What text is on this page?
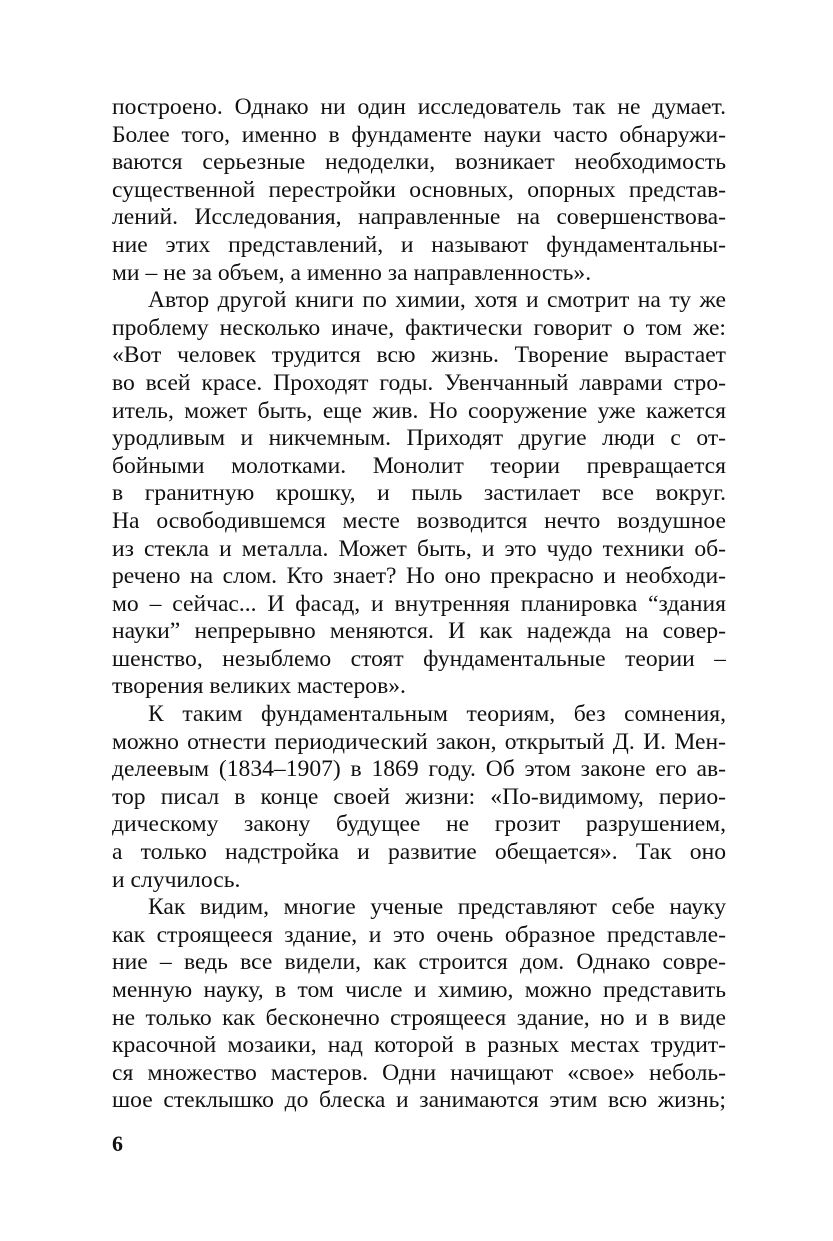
построено. Однако ни один исследователь так не думает.
Более того, именно в фундаменте науки часто обнаружи-
ваются серьезные недоделки, возникает необходимость
существенной перестройки основных, опорных представ-
лений. Исследования, направленные на совершенствова-
ние этих представлений, и называют фундаментальны-
ми – не за объем, а именно за направленность».
Автор другой книги по химии, хотя и смотрит на ту же
проблему несколько иначе, фактически говорит о том же:
«Вот человек трудится всю жизнь. Творение вырастает
во всей красе. Проходят годы. Увенчанный лаврами стро-
итель, может быть, еще жив. Но сооружение уже кажется
уродливым и никчемным. Приходят другие люди с от-
бойными молотками. Монолит теории превращается
в гранитную крошку, и пыль застилает все вокруг.
На освободившемся месте возводится нечто воздушное
из стекла и металла. Может быть, и это чудо техники об-
речено на слом. Кто знает? Но оно прекрасно и необходи-
мо – сейчас... И фасад, и внутренняя планировка “здания
науки” непрерывно меняются. И как надежда на совер-
шенство, незыблемо стоят фундаментальные теории –
творения великих мастеров».
К таким фундаментальным теориям, без сомнения,
можно отнести периодический закон, открытый Д. И. Мен-
делеевым (1834–1907) в 1869 году. Об этом законе его ав-
тор писал в конце своей жизни: «По-видимому, перио-
дическому закону будущее не грозит разрушением,
а только надстройка и развитие обещается». Так оно
и случилось.
Как видим, многие ученые представляют себе науку
как строящееся здание, и это очень образное представле-
ние – ведь все видели, как строится дом. Однако совре-
менную науку, в том числе и химию, можно представить
не только как бесконечно строящееся здание, но и в виде
красочной мозаики, над которой в разных местах трудит-
ся множество мастеров. Одни начищают «свое» неболь-
шое стеклышко до блеска и занимаются этим всю жизнь;
6
